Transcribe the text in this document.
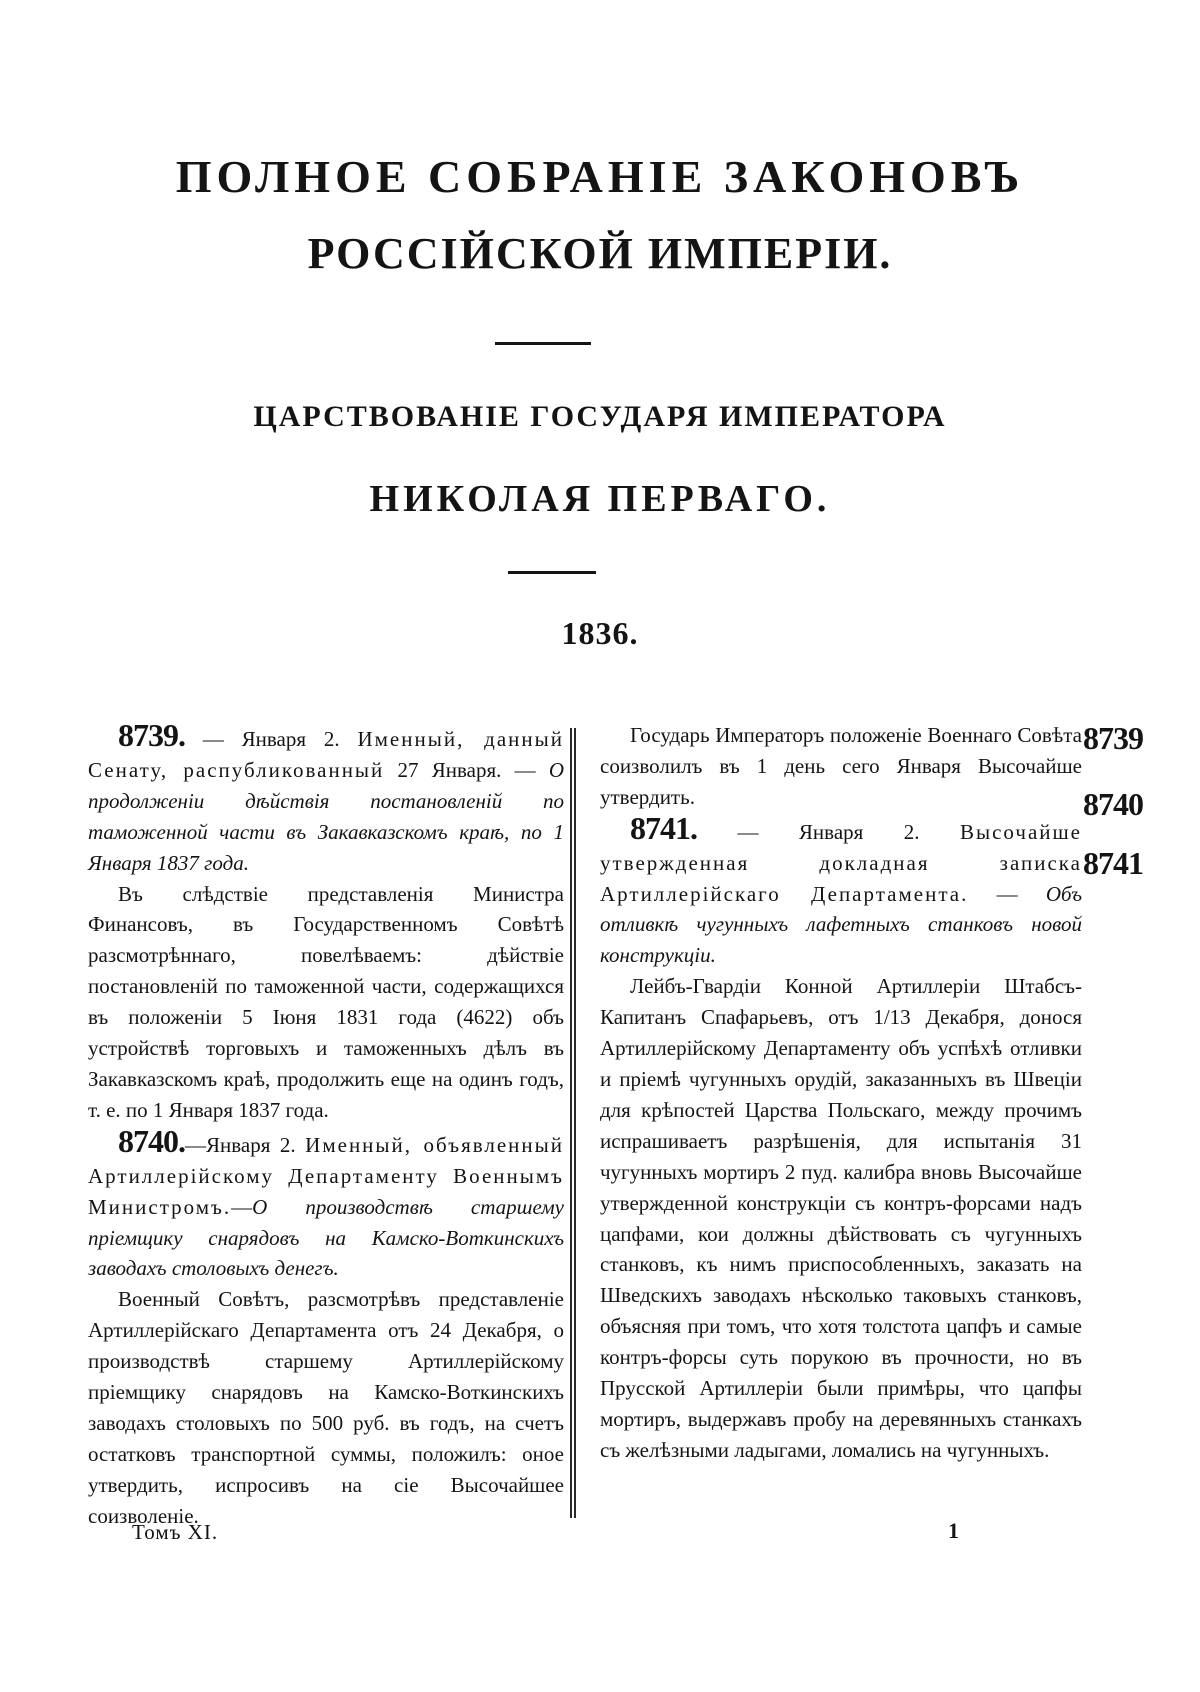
ПОЛНОЕ СОБРАНІЕ ЗАКОНОВЪ
РОССІЙСКОЙ ИМПЕРІИ.
ЦАРСТВОВАНІЕ ГОСУДАРЯ ИМПЕРАТОРА
НИКОЛАЯ ПЕРВАГО.
1836.

8739. — Января 2. Именный, данный Сенату, распубликованный 27 Января. — О продолженіи дѣйствія постановленій по таможенной части въ Закавказскомъ краѣ, по 1 Января 1837 года.

Въ слѣдствіе представленія Министра Финансовъ, въ Государственномъ Совѣтѣ разсмотрѣннаго, повелѣваемъ: дѣйствіе постановленій по таможенной части, содержащихся въ положеніи 5 Іюня 1831 года (4622) объ устройствѣ торговыхъ и таможенныхъ дѣлъ въ Закавказскомъ краѣ, продолжить еще на одинъ годъ, т. е. по 1 Января 1837 года.

8740.—Января 2. Именный, объявленный Артиллерійскому Департаменту Военнымъ Министромъ.—О производствѣ старшему пріемщику снарядовъ на Камско-Воткинскихъ заводахъ столовыхъ денегъ.

Военный Совѣтъ, разсмотрѣвъ представленіе Артиллерійскаго Департамента отъ 24 Декабря, о производствѣ старшему Артиллерійскому пріемщику снарядовъ на Камско-Воткинскихъ заводахъ столовыхъ по 500 руб. въ годъ, на счетъ остатковъ транспортной суммы, положилъ: оное утвердить, испросивъ на сіе Высочайшее соизволеніе.

Государь Императоръ положеніе Военнаго Совѣта соизволилъ въ 1 день сего Января Высочайше утвердить.

8741. — Января 2. Высочайше утвержденная докладная записка Артиллерійскаго Департамента. — Объ отливкѣ чугунныхъ лафетныхъ станковъ новой конструкціи.

Лейбъ-Гвардіи Конной Артиллеріи Штабсъ-Капитанъ Спафарьевъ, отъ 1/13 Декабря, донося Артиллерійскому Департаменту объ успѣхѣ отливки и пріемѣ чугунныхъ орудій, заказанныхъ въ Швеціи для крѣпостей Царства Польскаго, между прочимъ испрашиваетъ разрѣшенія, для испытанія 31 чугунныхъ мортиръ 2 пуд. калибра вновь Высочайше утвержденной конструкціи съ контръ-форсами надъ цапфами, кои должны дѣйствовать съ чугунныхъ станковъ, къ нимъ приспособленныхъ, заказать на Шведскихъ заводахъ нѣсколько таковыхъ станковъ, объясняя при томъ, что хотя толстота цапфъ и самые контръ-форсы суть порукою въ прочности, но въ Прусской Артиллеріи были примѣры, что цапфы мортиръ, выдержавъ пробу на деревянныхъ станкахъ съ желѣзными ладыгами, ломались на чугунныхъ.

8739
8740
8741
Томъ XI.	1
